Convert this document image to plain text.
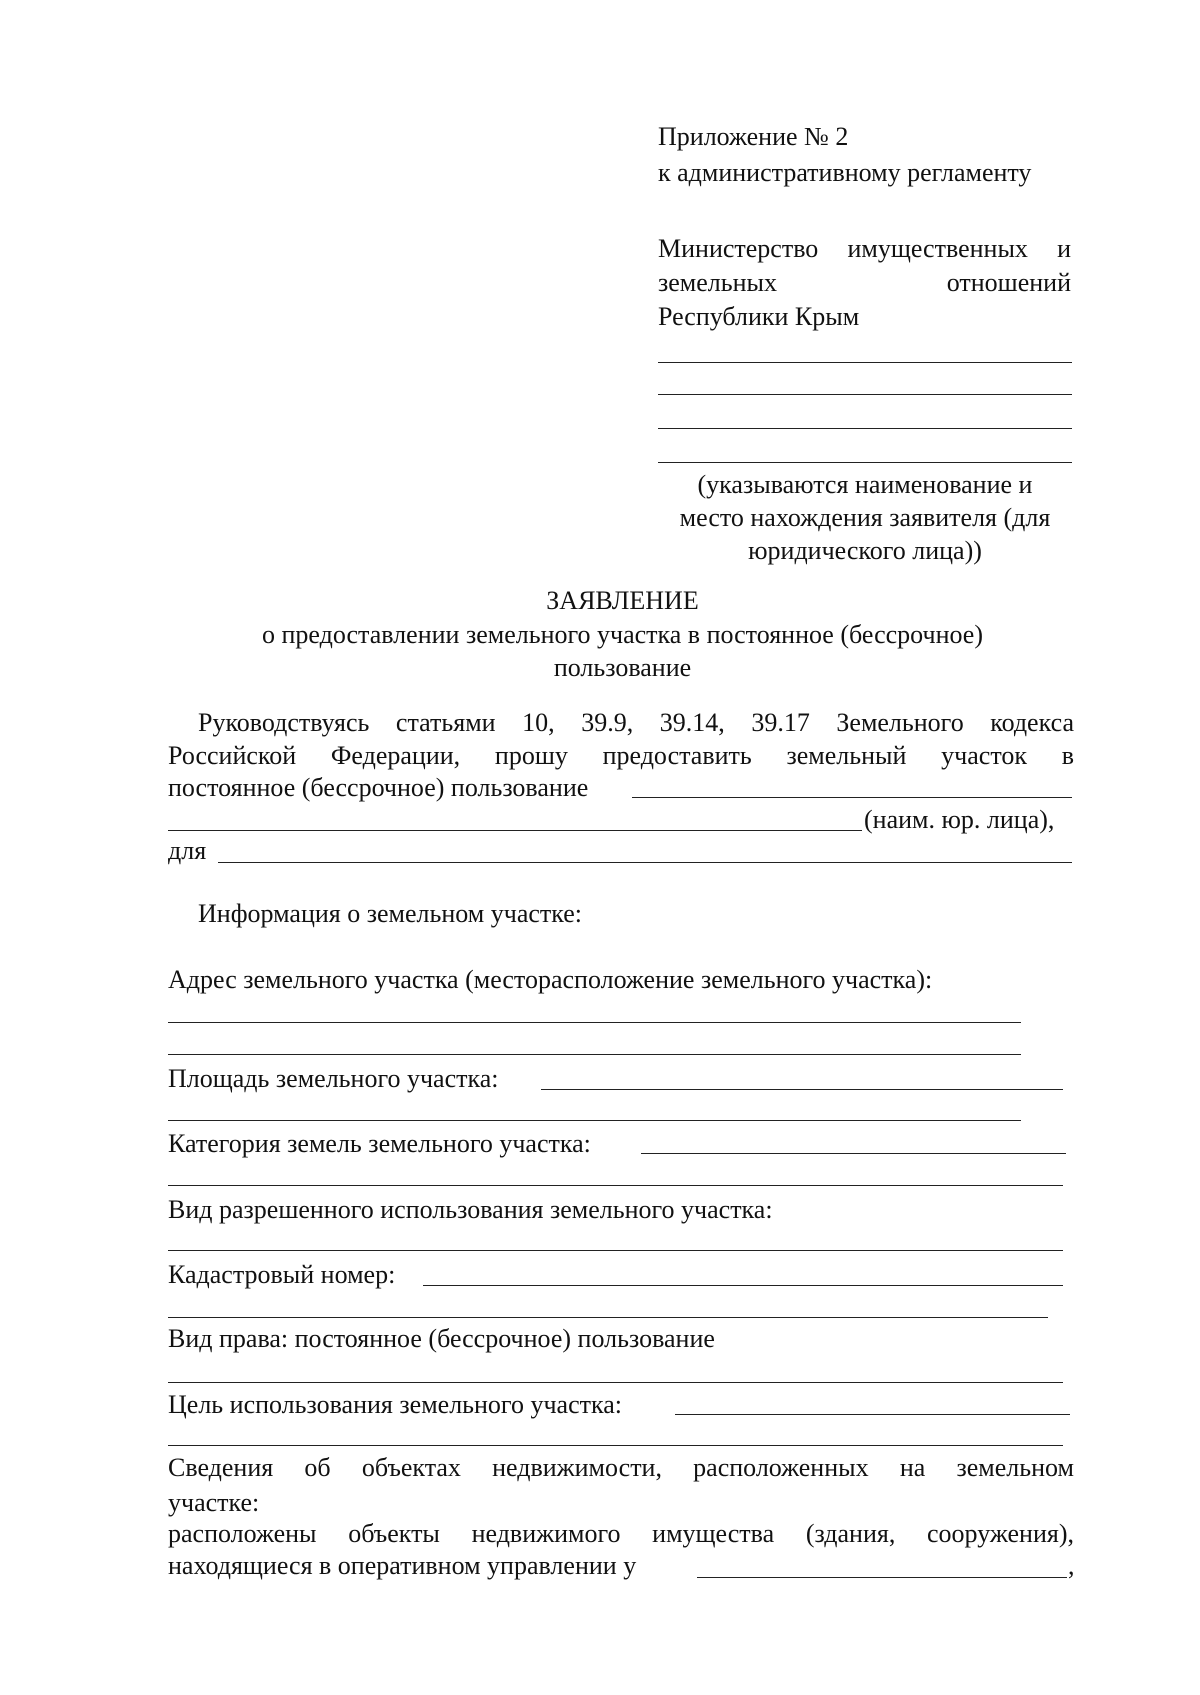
Приложение № 2
к административному регламенту
Министерство имущественных и
земельных	отношений
Республики Крым
(указываются наименование и
место нахождения заявителя (для
юридического лица))
ЗАЯВЛЕНИЕ
о предоставлении земельного участка в постоянное (бессрочное)
пользование
Руководствуясь статьями 10, 39.9, 39.14, 39.17 Земельного кодекса
Российской Федерации, прошу предоставить земельный участок в
постоянное (бессрочное) пользование
(наим. юр. лица),
для
Информация о земельном участке:
Адрес земельного участка (месторасположение земельного участка):
Площадь земельного участка:
Категория земель земельного участка:
Вид разрешенного использования земельного участка:
Кадастровый номер:
Вид права: постоянное (бессрочное) пользование
Цель использования земельного участка:
Сведения об объектах недвижимости, расположенных на земельном
участке:
расположены объекты недвижимого имущества (здания, сооружения),
находящиеся в оперативном управлении у	,
